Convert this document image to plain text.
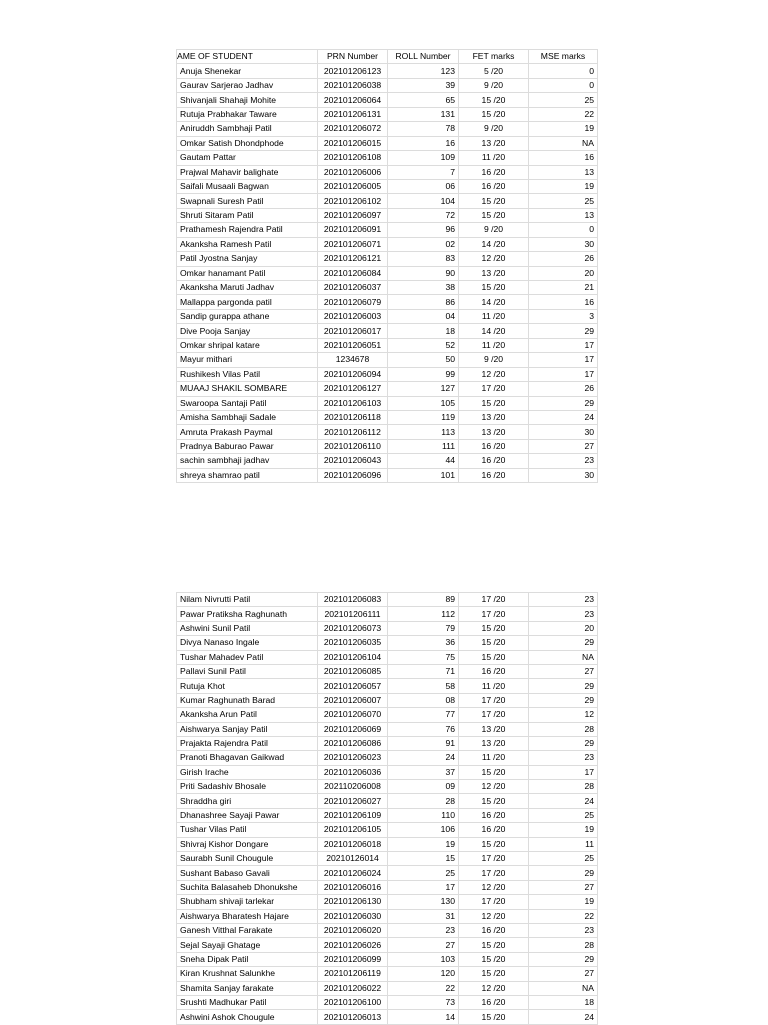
AME OF STUDENT	PRN Number	ROLL Number	FET marks	MSE marks
Anuja Shenekar	202101206123	123	5 /20	0
Gaurav Sarjerao Jadhav	202101206038	39	9 /20	0
Shivanjali Shahaji Mohite	202101206064	65	15 /20	25
Rutuja Prabhakar Taware	202101206131	131	15 /20	22
Aniruddh Sambhaji Patil	202101206072	78	9 /20	19
Omkar Satish Dhondphode	202101206015	16	13 /20	NA
Gautam Pattar	202101206108	109	11 /20	16
Prajwal Mahavir balighate	202101206006	7	16 /20	13
Saifali Musaali Bagwan	202101206005	06	16 /20	19
Swapnali Suresh Patil	202101206102	104	15 /20	25
Shruti Sitaram Patil	202101206097	72	15 /20	13
Prathamesh Rajendra Patil	202101206091	96	9 /20	0
Akanksha Ramesh Patil	202101206071	02	14 /20	30
Patil Jyostna Sanjay	202101206121	83	12 /20	26
Omkar hanamant Patil	202101206084	90	13 /20	20
Akanksha Maruti Jadhav	202101206037	38	15 /20	21
Mallappa pargonda patil	202101206079	86	14 /20	16
Sandip gurappa athane	202101206003	04	11 /20	3
Dive Pooja Sanjay	202101206017	18	14 /20	29
Omkar shripal katare	202101206051	52	11 /20	17
Mayur mithari	1234678	50	9 /20	17
Rushikesh Vilas Patil	202101206094	99	12 /20	17
MUAAJ SHAKIL SOMBARE	202101206127	127	17 /20	26
Swaroopa Santaji Patil	202101206103	105	15 /20	29
Amisha Sambhaji Sadale	202101206118	119	13 /20	24
Amruta Prakash Paymal	202101206112	113	13 /20	30
Pradnya Baburao Pawar	202101206110	111	16 /20	27
sachin sambhaji jadhav	202101206043	44	16 /20	23
shreya shamrao patil	202101206096	101	16 /20	30
Nilam Nivrutti Patil	202101206083	89	17 /20	23
Pawar Pratiksha Raghunath	202101206111	112	17 /20	23
Ashwini Sunil Patil	202101206073	79	15 /20	20
Divya Nanaso Ingale	202101206035	36	15 /20	29
Tushar Mahadev Patil	202101206104	75	15 /20	NA
Pallavi Sunil Patil	202101206085	71	16 /20	27
Rutuja Khot	202101206057	58	11 /20	29
Kumar Raghunath Barad	202101206007	08	17 /20	29
Akanksha Arun Patil	202101206070	77	17 /20	12
Aishwarya Sanjay Patil	202101206069	76	13 /20	28
Prajakta Rajendra Patil	202101206086	91	13 /20	29
Pranoti Bhagavan Gaikwad	202101206023	24	11 /20	23
Girish Irache	202101206036	37	15 /20	17
Priti Sadashiv Bhosale	202110206008	09	12 /20	28
Shraddha giri	202101206027	28	15 /20	24
Dhanashree Sayaji Pawar	202101206109	110	16 /20	25
Tushar Vilas Patil	202101206105	106	16 /20	19
Shivraj Kishor Dongare	202101206018	19	15 /20	11
Saurabh Sunil Chougule	20210126014	15	17 /20	25
Sushant Babaso Gavali	202101206024	25	17 /20	29
Suchita Balasaheb Dhonukshe	202101206016	17	12 /20	27
Shubham shivaji tarlekar	202101206130	130	17 /20	19
Aishwarya Bharatesh Hajare	202101206030	31	12 /20	22
Ganesh Vitthal Farakate	202101206020	23	16 /20	23
Sejal Sayaji Ghatage	202101206026	27	15 /20	28
Sneha Dipak Patil	202101206099	103	15 /20	29
Kiran Krushnat Salunkhe	202101206119	120	15 /20	27
Shamita Sanjay farakate	202101206022	22	12 /20	NA
Srushti Madhukar Patil	202101206100	73	16 /20	18
Ashwini Ashok Chougule	202101206013	14	15 /20	24
